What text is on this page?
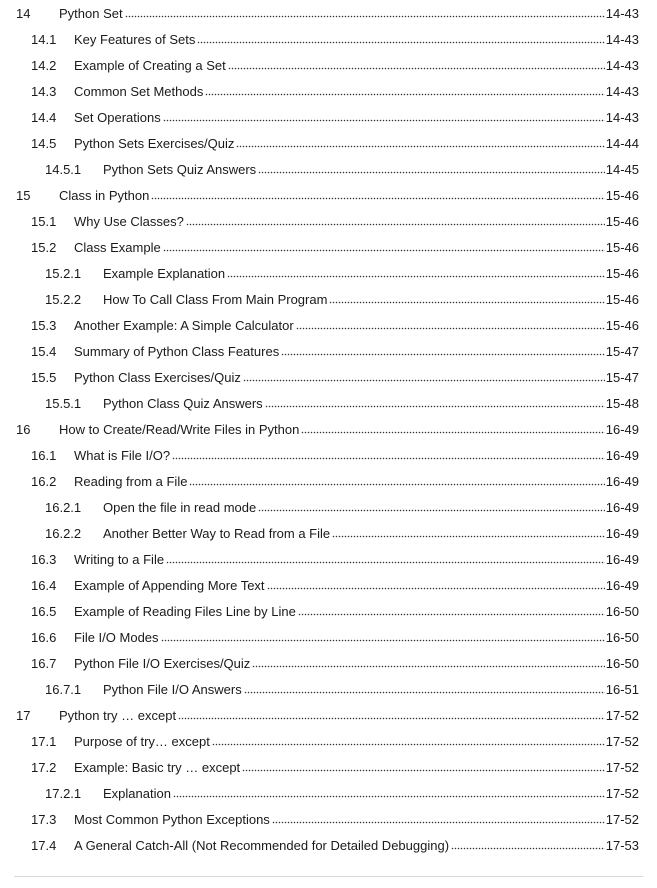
14	Python Set	14-43
14.1	Key Features of Sets	14-43
14.2	Example of Creating a Set	14-43
14.3	Common Set Methods	14-43
14.4	Set Operations	14-43
14.5	Python Sets Exercises/Quiz	14-44
14.5.1	Python Sets Quiz Answers	14-45
15	Class in Python	15-46
15.1	Why Use Classes?	15-46
15.2	Class Example	15-46
15.2.1	Example Explanation	15-46
15.2.2	How To Call Class From Main Program	15-46
15.3	Another Example: A Simple Calculator	15-46
15.4	Summary of Python Class Features	15-47
15.5	Python Class Exercises/Quiz	15-47
15.5.1	Python Class Quiz Answers	15-48
16	How to Create/Read/Write Files in Python	16-49
16.1	What is File I/O?	16-49
16.2	Reading from a File	16-49
16.2.1	Open the file in read mode	16-49
16.2.2	Another Better Way to Read from a File	16-49
16.3	Writing to a File	16-49
16.4	Example of Appending More Text	16-49
16.5	Example of Reading Files Line by Line	16-50
16.6	File I/O Modes	16-50
16.7	Python File I/O Exercises/Quiz	16-50
16.7.1	Python File I/O Answers	16-51
17	Python try … except	17-52
17.1	Purpose of try… except	17-52
17.2	Example: Basic try … except	17-52
17.2.1	Explanation	17-52
17.3	Most Common Python Exceptions	17-52
17.4	A General Catch-All (Not Recommended for Detailed Debugging)	17-53
